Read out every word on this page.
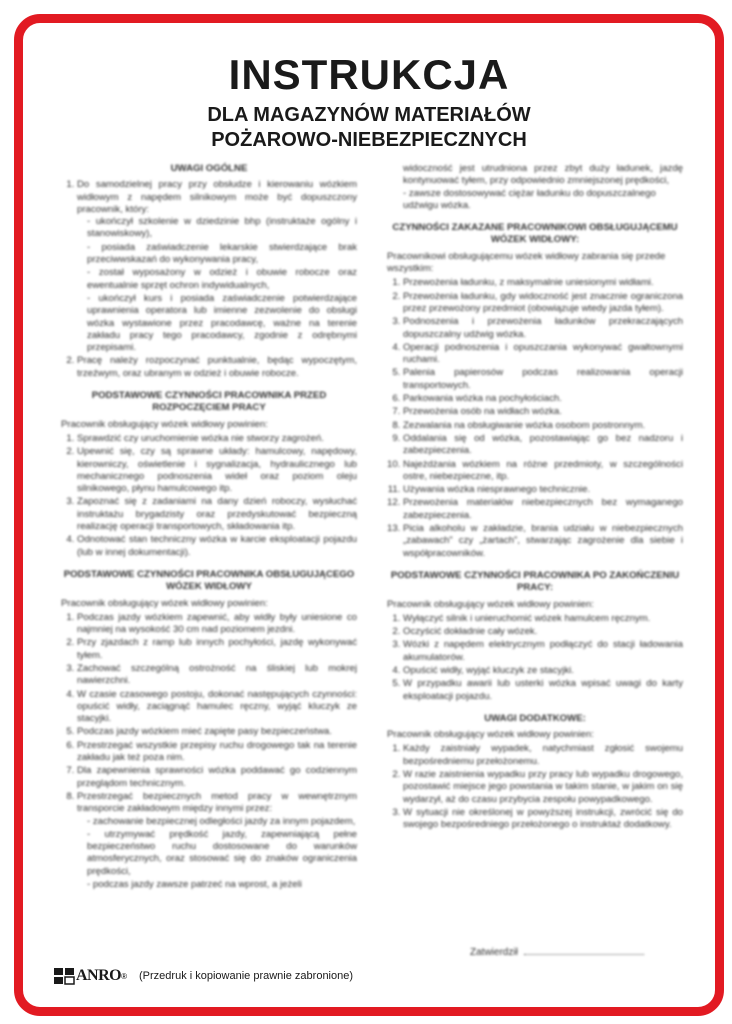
INSTRUKCJA
DLA MAGAZYNÓW MATERIAŁÓW
POŻAROWO-NIEBEZPIECZNYCH
UWAGI OGÓLNE
1. Do samodzielnej pracy przy obsłudze i kierowaniu wózkiem widłowym z napędem silnikowym może być dopuszczony pracownik, który:
- ukończył szkolenie w dziedzinie bhp (instruktaże ogólny i stanowiskowy),
- posiada zaświadczenie lekarskie stwierdzające brak przeciwwskazań do wykonywania pracy,
- został wyposażony w odzież i obuwie robocze oraz ewentualnie sprzęt ochron indywidualnych,
- ukończył kurs i posiada zaświadczenie potwierdzające uprawnienia operatora lub imienne zezwolenie do obsługi wózka wystawione przez pracodawcę, ważne na terenie zakładu pracy tego pracodawcy, zgodnie z odrębnymi przepisami.
2. Pracę należy rozpoczynać punktualnie, będąc wypoczętym, trzeźwym, oraz ubranym w odzież i obuwie robocze.
PODSTAWOWE CZYNNOŚCI PRACOWNIKA PRZED ROZPOCZĘCIEM PRACY
Pracownik obsługujący wózek widłowy powinien:
1. Sprawdzić czy uruchomienie wózka nie stworzy zagrożeń.
2. Upewnić się, czy są sprawne układy: hamulcowy, napędowy, kierowniczy, oświetlenie i sygnalizacja, hydraulicznego lub mechanicznego podnoszenia wideł oraz poziom oleju silnikowego, płynu hamulcowego itp.
3. Zapoznać się z zadaniami na dany dzień roboczy, wysłuchać instruktażu brygadzisty oraz przedyskutować bezpieczną realizację operacji transportowych, składowania itp.
4. Odnotować stan techniczny wózka w karcie eksploatacji pojazdu (lub w innej dokumentacji).
PODSTAWOWE CZYNNOŚCI PRACOWNIKA OBSŁUGUJĄCEGO WÓZEK WIDŁOWY
Pracownik obsługujący wózek widłowy powinien:
1. Podczas jazdy wózkiem zapewnić, aby widły były uniesione co najmniej na wysokość 30 cm nad poziomem jezdni.
2. Przy zjazdach z ramp lub innych pochyłości, jazdę wykonywać tyłem.
3. Zachować szczególną ostrożność na śliskiej lub mokrej nawierzchni.
4. W czasie czasowego postoju, dokonać następujących czynności: opuścić widły, zaciągnąć hamulec ręczny, wyjąć kluczyk ze stacyjki.
5. Podczas jazdy wózkiem mieć zapięte pasy bezpieczeństwa.
6. Przestrzegać wszystkie przepisy ruchu drogowego tak na terenie zakładu jak też poza nim.
7. Dla zapewnienia sprawności wózka poddawać go codziennym przeglądom technicznym.
8. Przestrzegać bezpiecznych metod pracy w wewnętrznym transporcie zakładowym między innymi przez:
- zachowanie bezpiecznej odległości jazdy za innym pojazdem,
- utrzymywać prędkość jazdy, zapewniającą pełne bezpieczeństwo ruchu dostosowane do warunków atmosferycznych, oraz stosować się do znaków ograniczenia prędkości,
- podczas jazdy zawsze patrzeć na wprost, a jeżeli
widoczność jest utrudniona przez zbyt duży ładunek, jazdę kontynuować tyłem, przy odpowiednio zmniejszonej prędkości,
- zawsze dostosowywać ciężar ładunku do dopuszczalnego udźwigu wózka.
CZYNNOŚCI ZAKAZANE PRACOWNIKOWI OBSŁUGUJĄCEMU WÓZEK WIDŁOWY:
Pracownikowi obsługującemu wózek widłowy zabrania się przede wszystkim:
1. Przewożenia ładunku, z maksymalnie uniesionymi widłami.
2. Przewożenia ładunku, gdy widoczność jest znacznie ograniczona przez przewożony przedmiot (obowiązuje wtedy jazda tyłem).
3. Podnoszenia i przewożenia ładunków przekraczających dopuszczalny udźwig wózka.
4. Operacji podnoszenia i opuszczania wykonywać gwałtownymi ruchami.
5. Palenia papierosów podczas realizowania operacji transportowych.
6. Parkowania wózka na pochyłościach.
7. Przewożenia osób na widłach wózka.
8. Zezwalania na obsługiwanie wózka osobom postronnym.
9. Oddalania się od wózka, pozostawiając go bez nadzoru i zabezpieczenia.
10. Najeżdżania wózkiem na różne przedmioty, w szczególności ostre, niebezpieczne, itp.
11. Używania wózka niesprawnego technicznie.
12. Przewożenia materiałów niebezpiecznych bez wymaganego zabezpieczenia.
13. Picia alkoholu w zakładzie, brania udziału w niebezpiecznych „zabawach” czy „żartach”, stwarzając zagrożenie dla siebie i współpracowników.
PODSTAWOWE CZYNNOŚCI PRACOWNIKA PO ZAKOŃCZENIU PRACY:
Pracownik obsługujący wózek widłowy powinien:
1. Wyłączyć silnik i unieruchomić wózek hamulcem ręcznym.
2. Oczyścić dokładnie cały wózek.
3. Wózki z napędem elektrycznym podłączyć do stacji ładowania akumulatorów.
4. Opuścić widły, wyjąć kluczyk ze stacyjki.
5. W przypadku awarii lub usterki wózka wpisać uwagi do karty eksploatacji pojazdu.
UWAGI DODATKOWE:
Pracownik obsługujący wózek widłowy powinien:
1. Każdy zaistniały wypadek, natychmiast zgłosić swojemu bezpośredniemu przełożonemu.
2. W razie zaistnienia wypadku przy pracy lub wypadku drogowego, pozostawić miejsce jego powstania w takim stanie, w jakim on się wydarzył, aż do czasu przybycia zespołu powypadkowego.
3. W sytuacji nie określonej w powyższej instrukcji, zwrócić się do swojego bezpośredniego przełożonego o instruktaż dodatkowy.
Zatwierdził
ANRO ® (Przedruk i kopiowanie prawnie zabronione)
